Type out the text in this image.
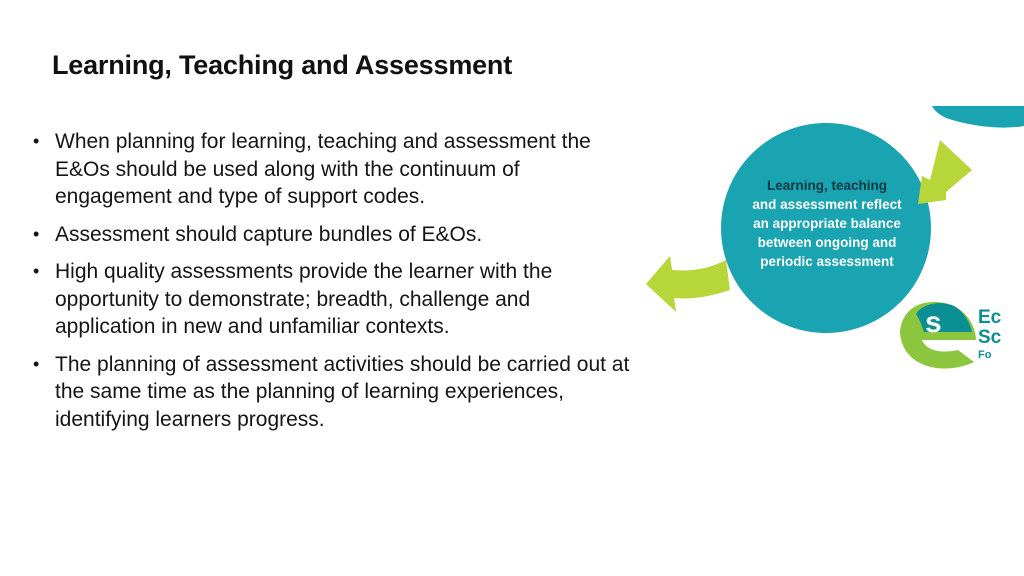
Learning, Teaching and Assessment
• When planning for learning, teaching and assessment the E&Os should be used along with the continuum of engagement and type of support codes.
• Assessment should capture bundles of E&Os.
• High quality assessments provide the learner with the opportunity to demonstrate; breadth, challenge and application in new and unfamiliar contexts.
• The planning of assessment activities should be carried out at the same time as the planning of learning experiences, identifying learners progress.
s
Learning, teaching
and assessment reflect
an appropriate balance
between ongoing and
periodic assessment
Ec
Sc
Fo
